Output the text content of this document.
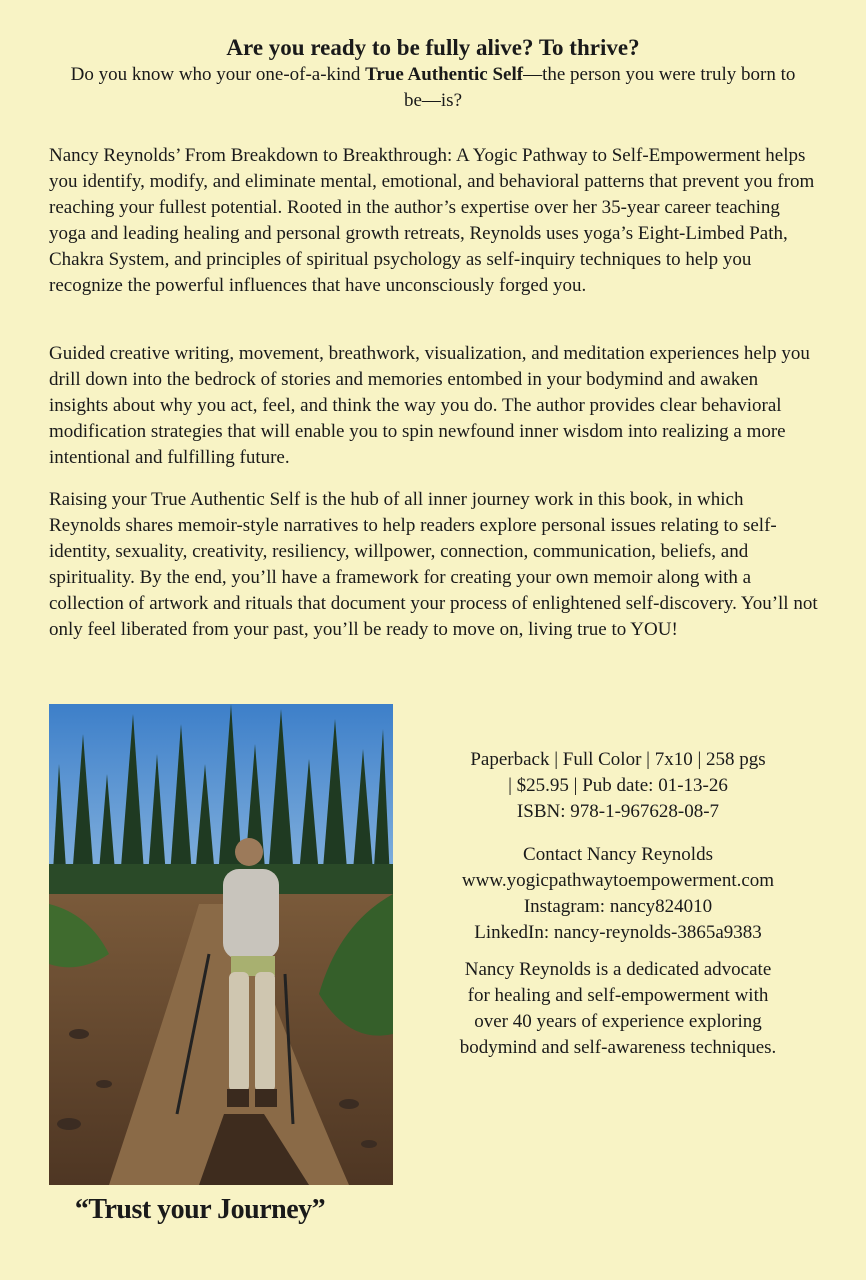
Are you ready to be fully alive? To thrive?
Do you know who your one-of-a-kind True Authentic Self—the person you were truly born to be—is?

Nancy Reynolds’ From Breakdown to Breakthrough: A Yogic Pathway to Self-Empowerment helps you identify, modify, and eliminate mental, emotional, and behavioral patterns that prevent you from reaching your fullest potential. Rooted in the author’s expertise over her 35-year career teaching yoga and leading healing and personal growth retreats, Reynolds uses yoga’s Eight-Limbed Path, Chakra System, and principles of spiritual psychology as self-inquiry techniques to help you recognize the powerful influences that have unconsciously forged you.

Guided creative writing, movement, breathwork, visualization, and meditation experiences help you drill down into the bedrock of stories and memories entombed in your bodymind and awaken insights about why you act, feel, and think the way you do. The author provides clear behavioral modification strategies that will enable you to spin newfound inner wisdom into realizing a more intentional and fulfilling future.

Raising your True Authentic Self is the hub of all inner journey work in this book, in which Reynolds shares memoir-style narratives to help readers explore personal issues relating to self-identity, sexuality, creativity, resiliency, willpower, connection, communication, beliefs, and spirituality. By the end, you’ll have a framework for creating your own memoir along with a collection of artwork and rituals that document your process of enlightened self-discovery. You’ll not only feel liberated from your past, you’ll be ready to move on, living true to YOU!

“Trust your Journey”
Paperback | Full Color | 7x10 | 258 pgs
| $25.95 | Pub date: 01-13-26
ISBN: 978-1-967628-08-7
Contact Nancy Reynolds
www.yogicpathwaytoempowerment.com
Instagram: nancy824010
LinkedIn: nancy-reynolds-3865a9383
Nancy Reynolds is a dedicated advocate
for healing and self-empowerment with
over 40 years of experience exploring
bodymind and self-awareness techniques.
